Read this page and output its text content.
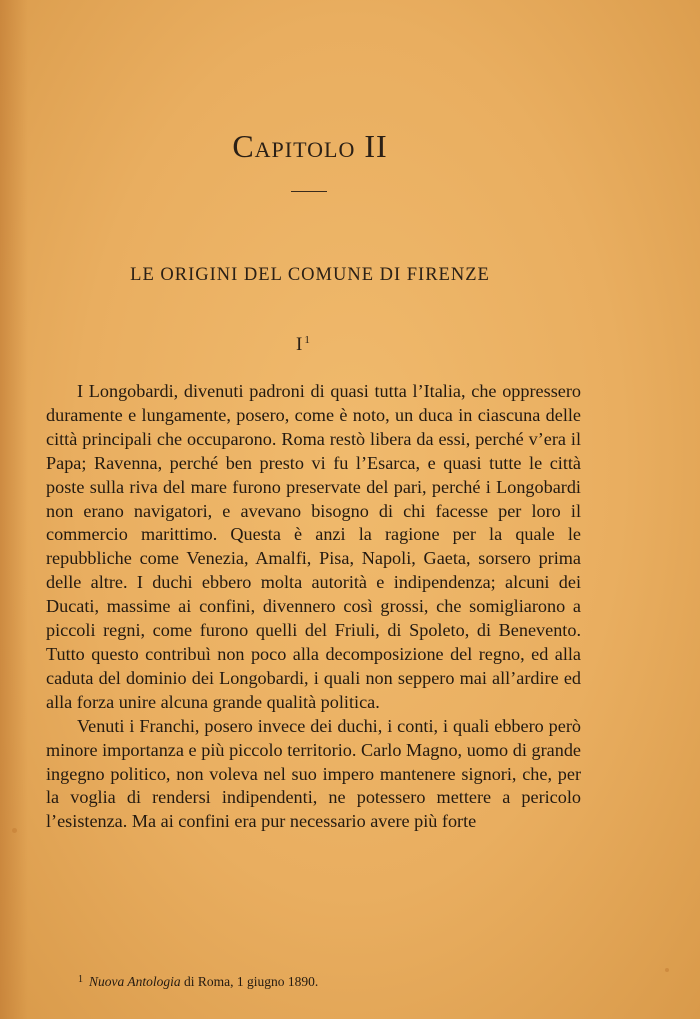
Capitolo II
LE ORIGINI DEL COMUNE DI FIRENZE
I $^1$

I Longobardi, divenuti padroni di quasi tutta l’Italia, che oppressero duramente e lungamente, posero, come è noto, un duca in ciascuna delle città principali che occuparono. Roma restò libera da essi, perché v’era il Papa; Ravenna, perché ben presto vi fu l’Esarca, e quasi tutte le città poste sulla riva del mare furono preservate del pari, perché i Longobardi non erano navigatori, e avevano bisogno di chi facesse per loro il commercio marittimo. Questa è anzi la ragione per la quale le repubbliche come Venezia, Amalfi, Pisa, Napoli, Gaeta, sorsero prima delle altre. I duchi ebbero molta autorità e indipendenza; alcuni dei Ducati, massime ai confini, divennero così grossi, che somigliarono a piccoli regni, come furono quelli del Friuli, di Spoleto, di Benevento. Tutto questo contribuì non poco alla decomposizione del regno, ed alla caduta del dominio dei Longobardi, i quali non seppero mai all’ardire ed alla forza unire alcuna grande qualità politica.

Venuti i Franchi, posero invece dei duchi, i conti, i quali ebbero però minore importanza e più piccolo territorio. Carlo Magno, uomo di grande ingegno politico, non voleva nel suo impero mantenere signori, che, per la voglia di rendersi indipendenti, ne potessero mettere a pericolo l’esistenza. Ma ai confini era pur necessario avere più forte

$^1$ Nuova Antologia di Roma, 1 giugno 1890.
